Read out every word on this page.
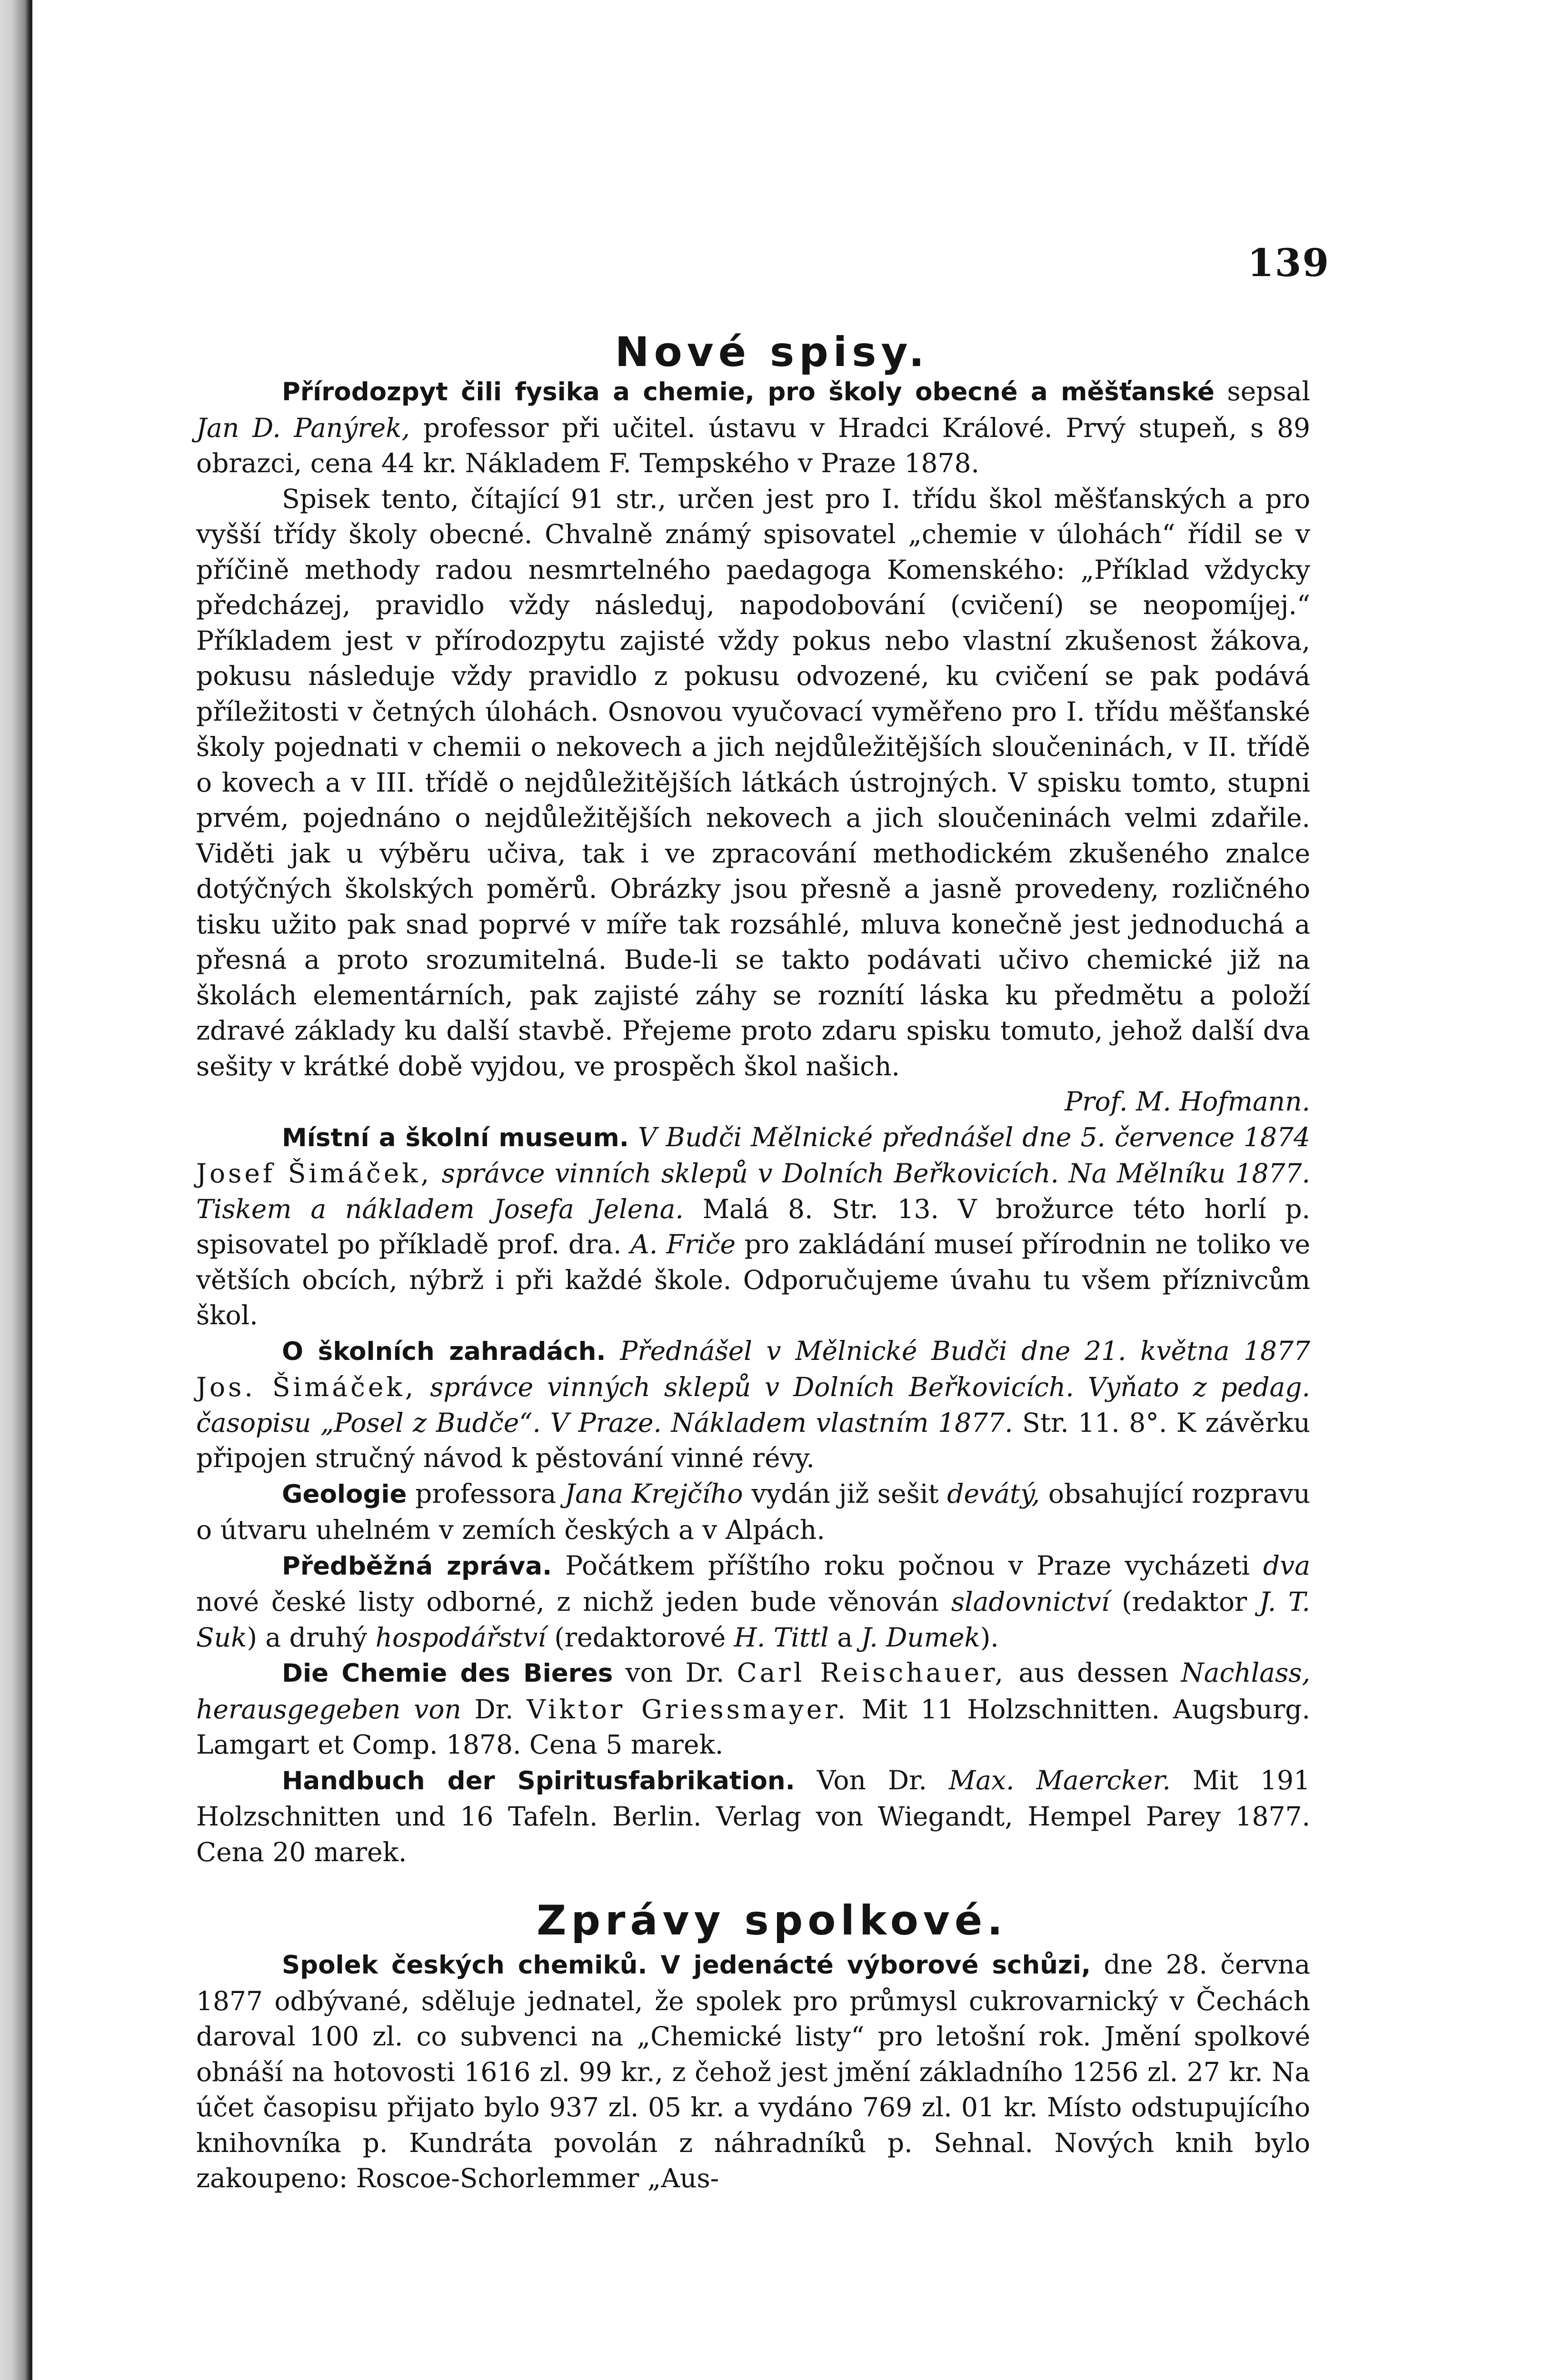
139
Nové spisy.

Přírodozpyt čili fysika a chemie, pro školy obecné a měšťanské sepsal Jan D. Panýrek, professor při učitel. ústavu v Hradci Králové. Prvý stupeň, s 89 obrazci, cena 44 kr. Nákladem F. Tempského v Praze 1878.

Spisek tento, čítající 91 str., určen jest pro I. třídu škol měšťanských a pro vyšší třídy školy obecné. Chvalně známý spisovatel „chemie v úlohách“ řídil se v příčině methody radou nesmrtelného paedagoga Komenského: „Příklad vždycky předcházej, pravidlo vždy následuj, napodobování (cvičení) se neopomíjej.“ Příkladem jest v přírodozpytu zajisté vždy pokus nebo vlastní zkušenost žákova, pokusu následuje vždy pravidlo z pokusu odvozené, ku cvičení se pak podává příležitosti v četných úlohách. Osnovou vyučovací vyměřeno pro I. třídu měšťanské školy pojednati v chemii o nekovech a jich nejdůležitějších sloučeninách, v II. třídě o kovech a v III. třídě o nejdůležitějších látkách ústrojných. V spisku tomto, stupni prvém, pojednáno o nejdůležitějších nekovech a jich sloučeninách velmi zdařile. Viděti jak u výběru učiva, tak i ve zpracování methodickém zkušeného znalce dotýčných školských poměrů. Obrázky jsou přesně a jasně provedeny, rozličného tisku užito pak snad poprvé v míře tak rozsáhlé, mluva konečně jest jednoduchá a přesná a proto srozumitelná. Bude-li se takto podávati učivo chemické již na školách elementárních, pak zajisté záhy se roznítí láska ku předmětu a položí zdravé základy ku další stavbě. Přejeme proto zdaru spisku tomuto, jehož další dva sešity v krátké době vyjdou, ve prospěch škol našich.
Prof. M. Hofmann.

Místní a školní museum. V Budči Mělnické přednášel dne 5. července 1874 Josef Šimáček, správce vinních sklepů v Dolních Beřkovicích. Na Mělníku 1877. Tiskem a nákladem Josefa Jelena. Malá 8. Str. 13. V brožurce této horlí p. spisovatel po příkladě prof. dra. A. Friče pro zakládání museí přírodnin ne toliko ve větších obcích, nýbrž i při každé škole. Odporučujeme úvahu tu všem příznivcům škol.

O školních zahradách. Přednášel v Mělnické Budči dne 21. května 1877 Jos. Šimáček, správce vinných sklepů v Dolních Beřkovicích. Vyňato z pedag. časopisu „Posel z Budče“. V Praze. Nákladem vlastním 1877. Str. 11. 8°. K závěrku připojen stručný návod k pěstování vinné révy.

Geologie professora Jana Krejčího vydán již sešit devátý, obsahující rozpravu o útvaru uhelném v zemích českých a v Alpách.

Předběžná zpráva. Počátkem příštího roku počnou v Praze vycházeti dva nové české listy odborné, z nichž jeden bude věnován sladovnictví (redaktor J. T. Suk) a druhý hospodářství (redaktorové H. Tittl a J. Dumek).

Die Chemie des Bieres von Dr. Carl Reischauer, aus dessen Nachlass, herausgegeben von Dr. Viktor Griessmayer. Mit 11 Holzschnitten. Augsburg. Lamgart et Comp. 1878. Cena 5 marek.

Handbuch der Spiritusfabrikation. Von Dr. Max. Maercker. Mit 191 Holzschnitten und 16 Tafeln. Berlin. Verlag von Wiegandt, Hempel Parey 1877. Cena 20 marek.

Zprávy spolkové.

Spolek českých chemiků. V jedenácté výborové schůzi, dne 28. června 1877 odbývané, sděluje jednatel, že spolek pro průmysl cukrovarnický v Čechách daroval 100 zl. co subvenci na „Chemické listy“ pro letošní rok. Jmění spolkové obnáší na hotovosti 1616 zl. 99 kr., z čehož jest jmění základního 1256 zl. 27 kr. Na účet časopisu přijato bylo 937 zl. 05 kr. a vydáno 769 zl. 01 kr. Místo odstupujícího knihovníka p. Kundráta povolán z náhradníků p. Sehnal. Nových knih bylo zakoupeno: Roscoe-Schorlemmer „Aus-
